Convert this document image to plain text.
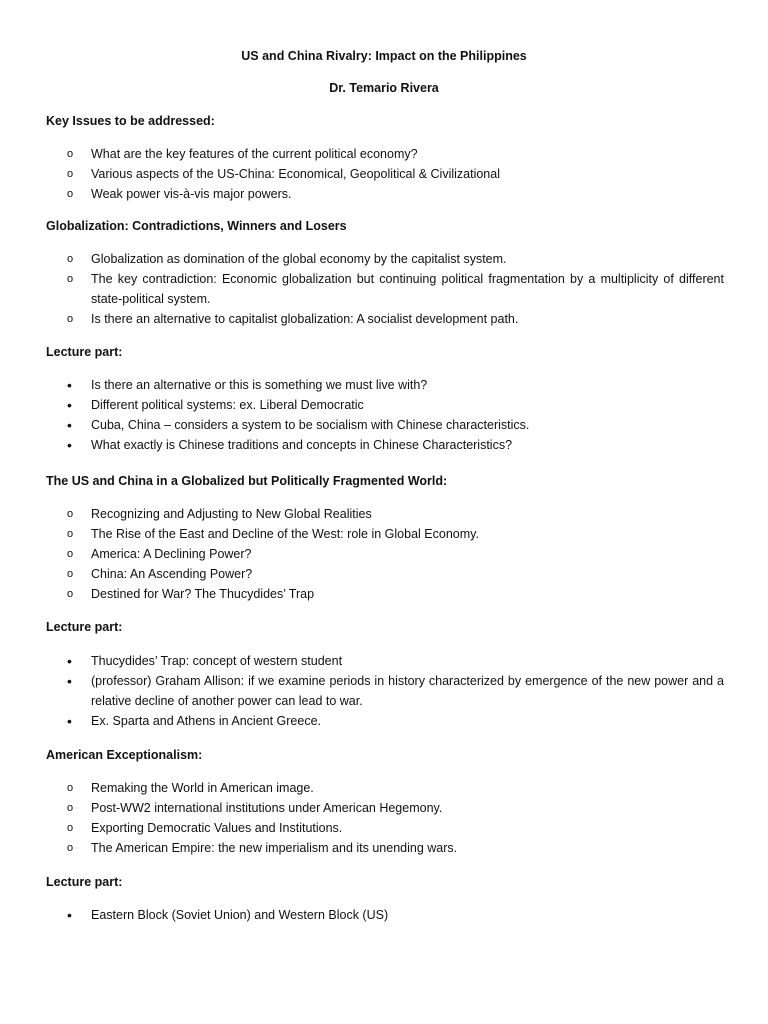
US and China Rivalry: Impact on the Philippines
Dr. Temario Rivera
Key Issues to be addressed:
o	What are the key features of the current political economy?
o	Various aspects of the US-China: Economical, Geopolitical & Civilizational
o	Weak power vis-à-vis major powers.
Globalization: Contradictions, Winners and Losers
o	Globalization as domination of the global economy by the capitalist system.
o	The key contradiction: Economic globalization but continuing political fragmentation by a multiplicity of different state-political system.
o	Is there an alternative to capitalist globalization: A socialist development path.
Lecture part:
•	Is there an alternative or this is something we must live with?
•	Different political systems: ex. Liberal Democratic
•	Cuba, China – considers a system to be socialism with Chinese characteristics.
•	What exactly is Chinese traditions and concepts in Chinese Characteristics?
The US and China in a Globalized but Politically Fragmented World:
o	Recognizing and Adjusting to New Global Realities
o	The Rise of the East and Decline of the West: role in Global Economy.
o	America: A Declining Power?
o	China: An Ascending Power?
o	Destined for War? The Thucydides’ Trap
Lecture part:
•	Thucydides’ Trap: concept of western student
•	(professor) Graham Allison: if we examine periods in history characterized by emergence of the new power and a relative decline of another power can lead to war.
•	Ex. Sparta and Athens in Ancient Greece.
American Exceptionalism:
o	Remaking the World in American image.
o	Post-WW2 international institutions under American Hegemony.
o	Exporting Democratic Values and Institutions.
o	The American Empire: the new imperialism and its unending wars.
Lecture part:
•	Eastern Block (Soviet Union) and Western Block (US)
